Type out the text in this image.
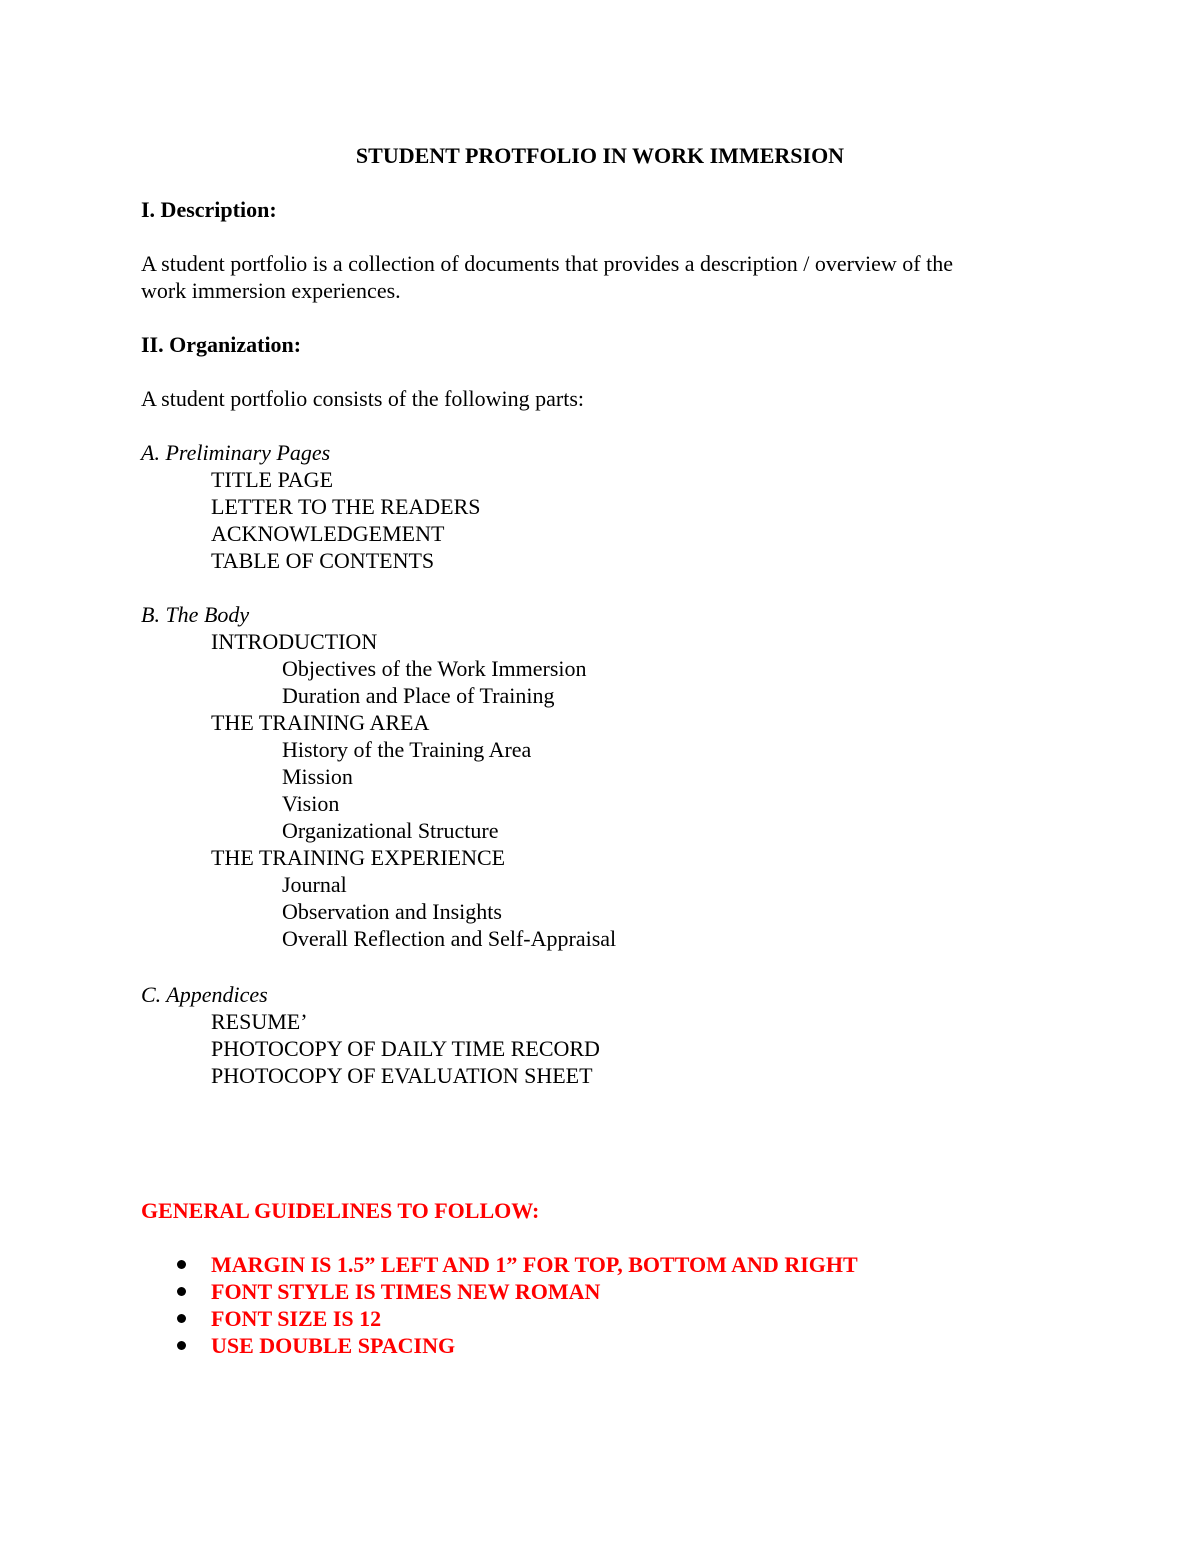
STUDENT PROTFOLIO IN WORK IMMERSION
I. Description:
A student portfolio is a collection of documents that provides a description / overview of the
work immersion experiences.
II. Organization:
A student portfolio consists of the following parts:
A. Preliminary Pages
TITLE PAGE
LETTER TO THE READERS
ACKNOWLEDGEMENT
TABLE OF CONTENTS
B. The Body
INTRODUCTION
Objectives of the Work Immersion
Duration and Place of Training
THE TRAINING AREA
History of the Training Area
Mission
Vision
Organizational Structure
THE TRAINING EXPERIENCE
Journal
Observation and Insights
Overall Reflection and Self-Appraisal
C. Appendices
RESUME’
PHOTOCOPY OF DAILY TIME RECORD
PHOTOCOPY OF EVALUATION SHEET
GENERAL GUIDELINES TO FOLLOW:
MARGIN IS 1.5” LEFT AND 1” FOR TOP, BOTTOM AND RIGHT
FONT STYLE IS TIMES NEW ROMAN
FONT SIZE IS 12
USE DOUBLE SPACING
